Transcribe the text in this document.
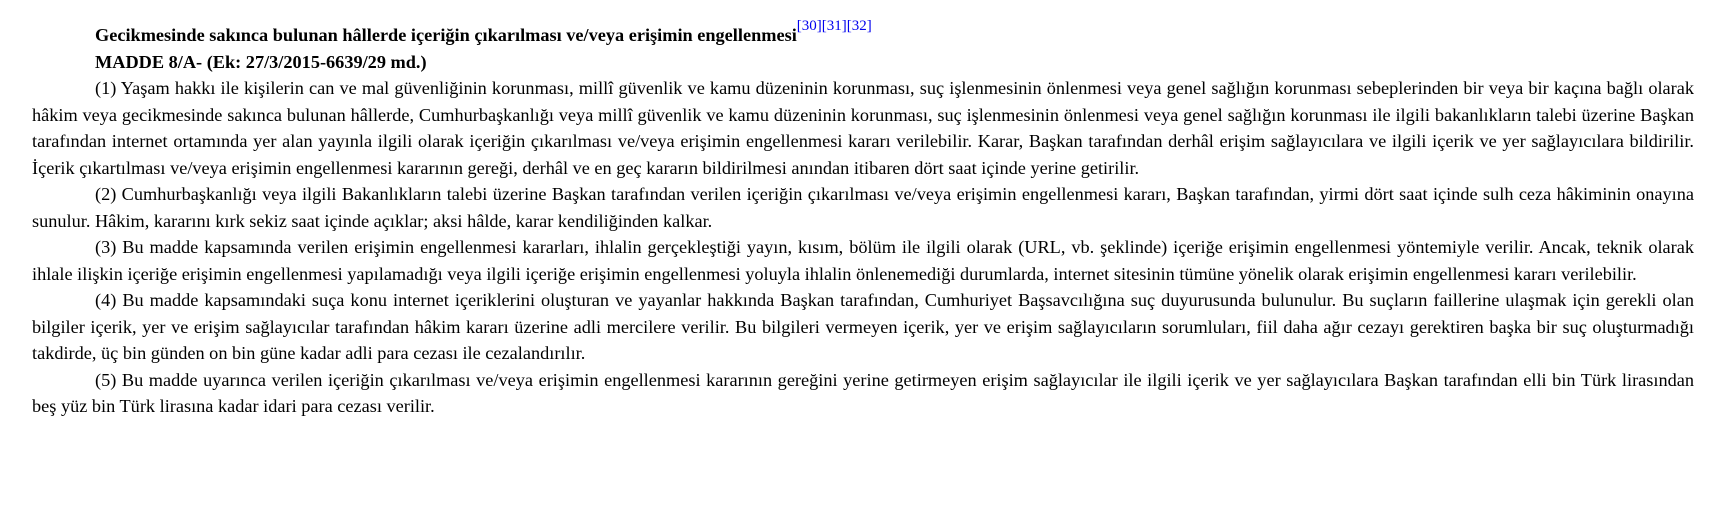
Gecikmesinde sakınca bulunan hâllerde içeriğin çıkarılması ve/veya erişimin engellenmesi[30][31][32]
MADDE 8/A- (Ek: 27/3/2015-6639/29 md.)

(1) Yaşam hakkı ile kişilerin can ve mal güvenliğinin korunması, millî güvenlik ve kamu düzeninin korunması, suç işlenmesinin önlenmesi veya genel sağlığın korunması sebeplerinden bir veya bir kaçına bağlı olarak hâkim veya gecikmesinde sakınca bulunan hâllerde, Cumhurbaşkanlığı veya millî güvenlik ve kamu düzeninin korunması, suç işlenmesinin önlenmesi veya genel sağlığın korunması ile ilgili bakanlıkların talebi üzerine Başkan tarafından internet ortamında yer alan yayınla ilgili olarak içeriğin çıkarılması ve/veya erişimin engellenmesi kararı verilebilir. Karar, Başkan tarafından derhâl erişim sağlayıcılara ve ilgili içerik ve yer sağlayıcılara bildirilir. İçerik çıkartılması ve/veya erişimin engellenmesi kararının gereği, derhâl ve en geç kararın bildirilmesi anından itibaren dört saat içinde yerine getirilir.

(2) Cumhurbaşkanlığı veya ilgili Bakanlıkların talebi üzerine Başkan tarafından verilen içeriğin çıkarılması ve/veya erişimin engellenmesi kararı, Başkan tarafından, yirmi dört saat içinde sulh ceza hâkiminin onayına sunulur. Hâkim, kararını kırk sekiz saat içinde açıklar; aksi hâlde, karar kendiliğinden kalkar.

(3) Bu madde kapsamında verilen erişimin engellenmesi kararları, ihlalin gerçekleştiği yayın, kısım, bölüm ile ilgili olarak (URL, vb. şeklinde) içeriğe erişimin engellenmesi yöntemiyle verilir. Ancak, teknik olarak ihlale ilişkin içeriğe erişimin engellenmesi yapılamadığı veya ilgili içeriğe erişimin engellenmesi yoluyla ihlalin önlenemediği durumlarda, internet sitesinin tümüne yönelik olarak erişimin engellenmesi kararı verilebilir.

(4) Bu madde kapsamındaki suça konu internet içeriklerini oluşturan ve yayanlar hakkında Başkan tarafından, Cumhuriyet Başsavcılığına suç duyurusunda bulunulur. Bu suçların faillerine ulaşmak için gerekli olan bilgiler içerik, yer ve erişim sağlayıcılar tarafından hâkim kararı üzerine adli mercilere verilir. Bu bilgileri vermeyen içerik, yer ve erişim sağlayıcıların sorumluları, fiil daha ağır cezayı gerektiren başka bir suç oluşturmadığı takdirde, üç bin günden on bin güne kadar adli para cezası ile cezalandırılır.

(5) Bu madde uyarınca verilen içeriğin çıkarılması ve/veya erişimin engellenmesi kararının gereğini yerine getirmeyen erişim sağlayıcılar ile ilgili içerik ve yer sağlayıcılara Başkan tarafından elli bin Türk lirasından beş yüz bin Türk lirasına kadar idari para cezası verilir.
